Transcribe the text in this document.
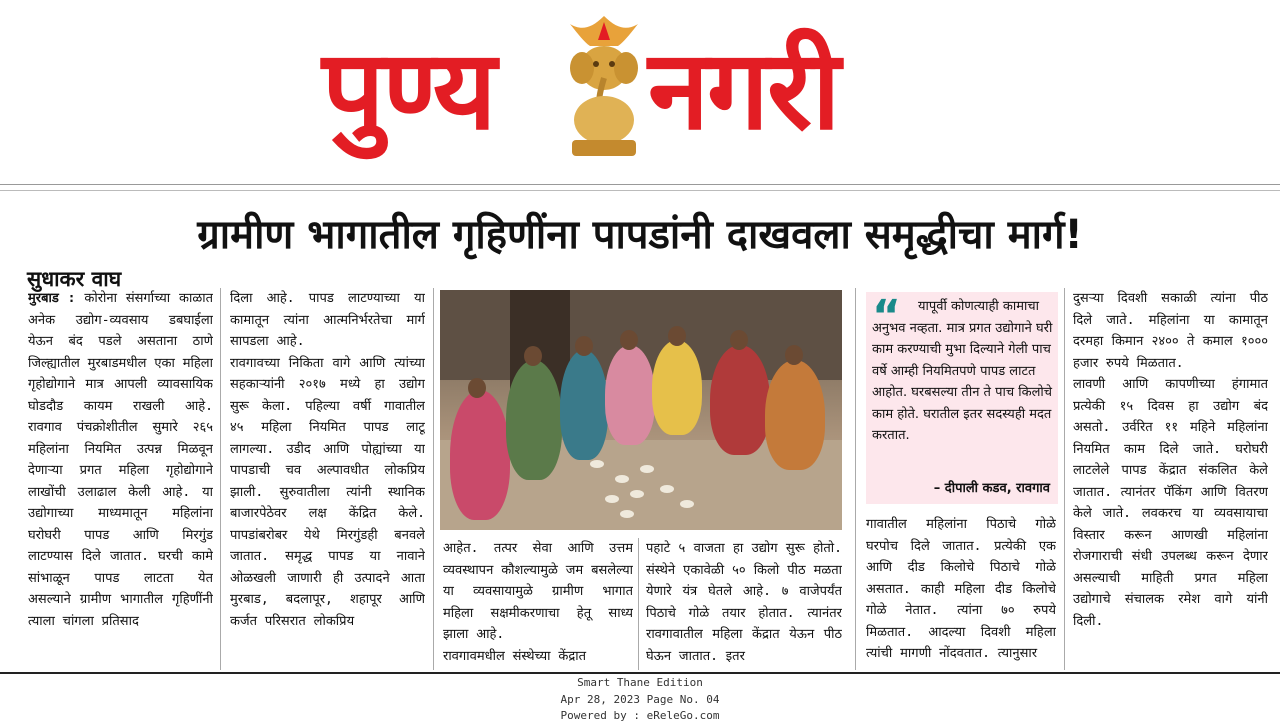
पुण्य	नगरी
ग्रामीण भागातील गृहिणींना पापडांनी दाखवला समृद्धीचा मार्ग!
सुधाकर वाघ
मुरबाड : कोरोना संसर्गाच्या काळात अनेक उद्योग-व्यवसाय डबघाईला येऊन बंद पडले असताना ठाणे जिल्ह्यातील मुरबाडमधील एका महिला गृहोद्योगाने मात्र आपली व्यावसायिक घोडदौड कायम राखली आहे. रावगाव पंचक्रोशीतील सुमारे २६५ महिलांना नियमित उत्पन्न मिळवून देणाऱ्या प्रगत महिला गृहोद्योगाने लाखोंची उलाढाल केली आहे. या उद्योगाच्या माध्यमातून महिलांना घरोघरी पापड आणि मिरगुंड लाटण्यास दिले जातात. घरची कामे सांभाळून पापड लाटता येत असल्याने ग्रामीण भागातील गृहिणींनी त्याला चांगला प्रतिसाद
दिला आहे. पापड लाटण्याच्या या कामातून त्यांना आत्मनिर्भरतेचा मार्ग सापडला आहे.
रावगावच्या निकिता वागे आणि त्यांच्या सहकाऱ्यांनी २०१७ मध्ये हा उद्योग सुरू केला. पहिल्या वर्षी गावातील ४५ महिला नियमित पापड लाटू लागल्या. उडीद आणि पोह्यांच्या या पापडाची चव अल्पावधीत लोकप्रिय झाली. सुरुवातीला त्यांनी स्थानिक बाजारपेठेवर लक्ष केंद्रित केले. पापडांबरोबर येथे मिरगुंडही बनवले जातात. समृद्ध पापड या नावाने ओळखली जाणारी ही उत्पादने आता मुरबाड, बदलापूर, शहापूर आणि कर्जत परिसरात लोकप्रिय
आहेत. तत्पर सेवा आणि उत्तम व्यवस्थापन कौशल्यामुळे जम बसलेल्या या व्यवसायामुळे ग्रामीण भागात महिला सक्षमीकरणाचा हेतू साध्य झाला आहे.
रावगावमधील संस्थेच्या केंद्रात
पहाटे ५ वाजता हा उद्योग सुरू होतो. संस्थेने एकावेळी ५० किलो पीठ मळता येणारे यंत्र घेतले आहे. ७ वाजेपर्यंत पिठाचे गोळे तयार होतात. त्यानंतर रावगावातील महिला केंद्रात येऊन पीठ घेऊन जातात. इतर
“	यापूर्वी कोणत्याही कामाचा अनुभव नव्हता. मात्र प्रगत उद्योगाने घरी काम करण्याची मुभा दिल्याने गेली पाच वर्षे आम्ही नियमितपणे पापड लाटत आहोत. घरबसल्या तीन ते पाच किलोचे काम होते. घरातील इतर सदस्यही मदत करतात.
– दीपाली कडव, रावगाव
गावातील महिलांना पिठाचे गोळे घरपोच दिले जातात. प्रत्येकी एक आणि दीड किलोचे पिठाचे गोळे असतात. काही महिला दीड किलोचे गोळे नेतात. त्यांना ७० रुपये मिळतात. आदल्या दिवशी महिला त्यांची मागणी नोंदवतात. त्यानुसार
दुसऱ्या दिवशी सकाळी त्यांना पीठ दिले जाते. महिलांना या कामातून दरमहा किमान २४०० ते कमाल १००० हजार रुपये मिळतात.
लावणी आणि कापणीच्या हंगामात प्रत्येकी १५ दिवस हा उद्योग बंद असतो. उर्वरित ११ महिने महिलांना नियमित काम दिले जाते. घरोघरी लाटलेले पापड केंद्रात संकलित केले जातात. त्यानंतर पॅकिंग आणि वितरण केले जाते. लवकरच या व्यवसायाचा विस्तार करून आणखी महिलांना रोजगाराची संधी उपलब्ध करून देणार असल्याची माहिती प्रगत महिला उद्योगाचे संचालक रमेश वागे यांनी दिली.
Smart Thane Edition
Apr 28, 2023 Page No. 04
Powered by : eReleGo.com
